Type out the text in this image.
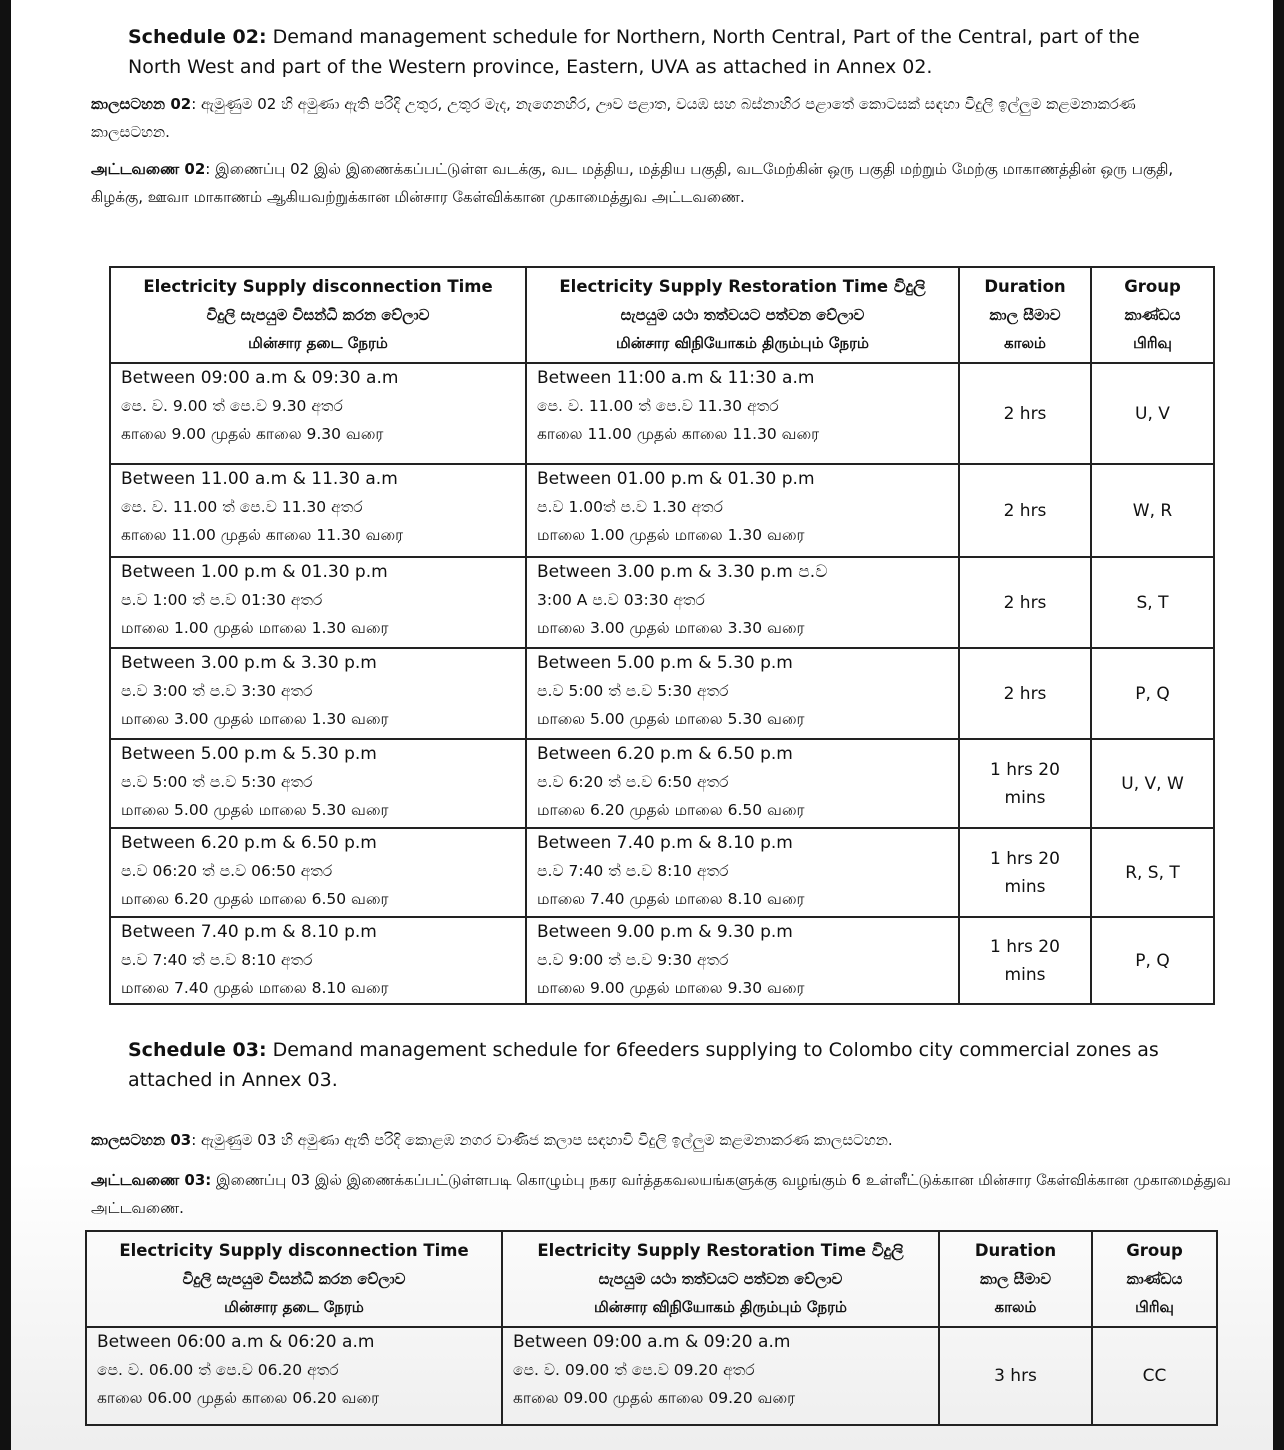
Schedule 02: Demand management schedule for Northern, North Central, Part of the Central, part of the North West and part of the Western province, Eastern, UVA as attached in Annex 02.
කාලසටහන 02: ඇමුණුම 02 හි අමුණා ඇති පරිදි උතුර, උතුර මැද, නැගෙනහිර, ඌව පළාත, වයඹ සහ බස්නාහිර පළාතේ කොටසක් සඳහා විදුලි ඉල්ලුම කළමනාකරණ කාලසටහන.
அட்டவணை 02: இணைப்பு 02 இல் இணைக்கப்பட்டுள்ள வடக்கு, வட மத்திய, மத்திய பகுதி, வடமேற்கின் ஒரு பகுதி மற்றும் மேற்கு மாகாணத்தின் ஒரு பகுதி, கிழக்கு, ஊவா மாகாணம் ஆகியவற்றுக்கான மின்சார கேள்விக்கான முகாமைத்துவ அட்டவணை.
Electricity Supply disconnection Time
විදුලි සැපයුම විසන්ධි කරන වේලාව
மின்சார தடை நேரம்	Electricity Supply Restoration Time විදුලි
සැපයුම යථා තත්වයට පත්වන වේලාව
மின்சார விநியோகம் திரும்பும் நேரம்	Duration
කාල සීමාව
காலம்	Group
කාණ්ඩය
பிரிவு

Between 09:00 a.m & 09:30 a.m
පෙ. ව. 9.00 ත් පෙ.ව 9.30 අතර
காலை 9.00 முதல் காலை 9.30 வரை	Between 11:00 a.m & 11:30 a.m
පෙ. ව. 11.00 ත් පෙ.ව 11.30 අතර
காலை 11.00 முதல் காலை 11.30 வரை	2 hrs	U, V

Between 11.00 a.m & 11.30 a.m
පෙ. ව. 11.00 ත් පෙ.ව 11.30 අතර
காலை 11.00 முதல் காலை 11.30 வரை	Between 01.00 p.m & 01.30 p.m
ප.ව 1.00ත් ප.ව 1.30 අතර
மாலை 1.00 முதல் மாலை 1.30 வரை	2 hrs	W, R

Between 1.00 p.m & 01.30 p.m
ප.ව 1:00 ත් ප.ව 01:30 අතර
மாலை 1.00 முதல் மாலை 1.30 வரை	Between 3.00 p.m & 3.30 p.m ප.ව
3:00 A ප.ව 03:30 අතර
மாலை 3.00 முதல் மாலை 3.30 வரை	2 hrs	S, T

Between 3.00 p.m & 3.30 p.m
ප.ව 3:00 ත් ප.ව 3:30 අතර
மாலை 3.00 முதல் மாலை 1.30 வரை	Between 5.00 p.m & 5.30 p.m
ප.ව 5:00 ත් ප.ව 5:30 අතර
மாலை 5.00 முதல் மாலை 5.30 வரை	2 hrs	P, Q

Between 5.00 p.m & 5.30 p.m
ප.ව 5:00 ත් ප.ව 5:30 අතර
மாலை 5.00 முதல் மாலை 5.30 வரை	Between 6.20 p.m & 6.50 p.m
ප.ව 6:20 ත් ප.ව 6:50 අතර
மாலை 6.20 முதல் மாலை 6.50 வரை	1 hrs 20 mins	U, V, W

Between 6.20 p.m & 6.50 p.m
ප.ව 06:20 ත් ප.ව 06:50 අතර
மாலை 6.20 முதல் மாலை 6.50 வரை	Between 7.40 p.m & 8.10 p.m
ප.ව 7:40 ත් ප.ව 8:10 අතර
மாலை 7.40 முதல் மாலை 8.10 வரை	1 hrs 20 mins	R, S, T

Between 7.40 p.m & 8.10 p.m
ප.ව 7:40 ත් ප.ව 8:10 අතර
மாலை 7.40 முதல் மாலை 8.10 வரை	Between 9.00 p.m & 9.30 p.m
ප.ව 9:00 ත් ප.ව 9:30 අතර
மாலை 9.00 முதல் மாலை 9.30 வரை	1 hrs 20 mins	P, Q
Schedule 03: Demand management schedule for 6feeders supplying to Colombo city commercial zones as attached in Annex 03.
කාලසටහන 03: ඇමුණුම 03 හි අමුණා ඇති පරිදි කොළඹ නගර වාණිජ කලාප සඳහාවි විදුලි ඉල්ලුම කළමනාකරණ කාලසටහන.
அட்டவணை 03: இணைப்பு 03 இல் இணைக்கப்பட்டுள்ளபடி கொழும்பு நகர வர்த்தகவலயங்களுக்கு வழங்கும் 6 உள்ளீட்டுக்கான மின்சார கேள்விக்கான முகாமைத்துவ அட்டவணை.
Electricity Supply disconnection Time
විදුලි සැපයුම විසන්ධි කරන වේලාව
மின்சார தடை நேரம்	Electricity Supply Restoration Time විදුලි
සැපයුම යථා තත්වයට පත්වන වේලාව
மின்சார விநியோகம் திரும்பும் நேரம்	Duration
කාල සීමාව
காலம்	Group
කාණ්ඩය
பிரிவு

Between 06:00 a.m & 06:20 a.m
පෙ. ව. 06.00 ත් පෙ.ව 06.20 අතර
காலை 06.00 முதல் காலை 06.20 வரை	Between 09:00 a.m & 09:20 a.m
පෙ. ව. 09.00 ත් පෙ.ව 09.20 අතර
காலை 09.00 முதல் காலை 09.20 வரை	3 hrs	CC
